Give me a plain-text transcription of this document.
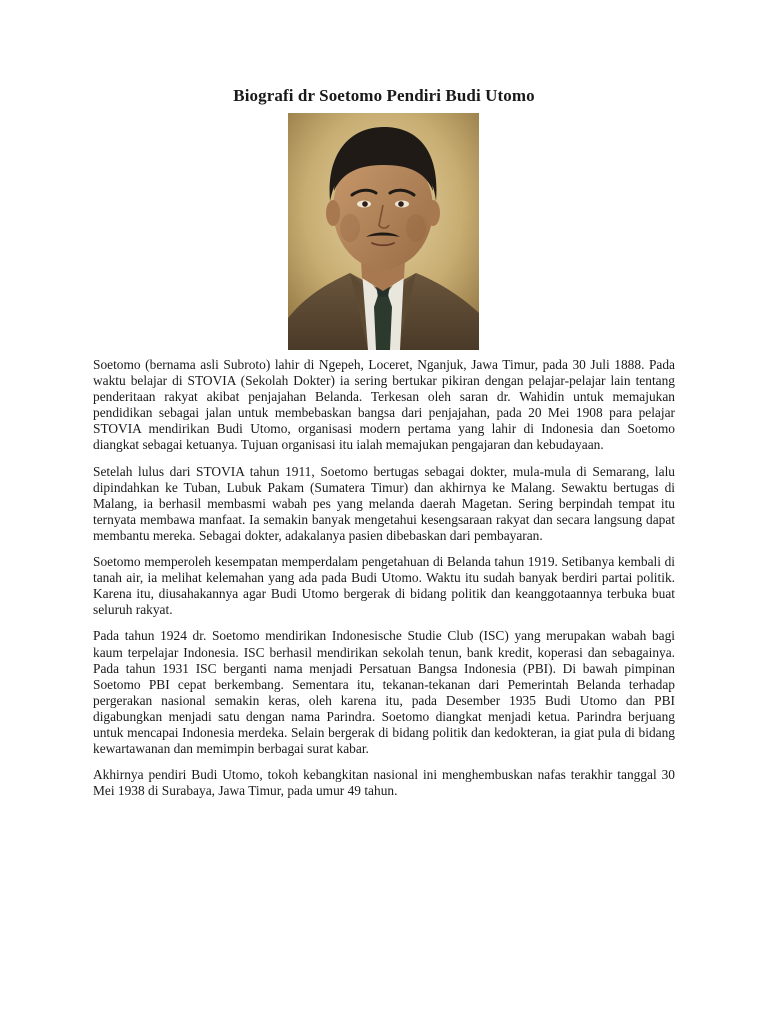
Biografi dr Soetomo Pendiri Budi Utomo

Soetomo (bernama asli Subroto) lahir di Ngepeh, Loceret, Nganjuk, Jawa Timur, pada 30 Juli 1888. Pada waktu belajar di STOVIA (Sekolah Dokter) ia sering bertukar pikiran dengan pelajar-pelajar lain tentang penderitaan rakyat akibat penjajahan Belanda. Terkesan oleh saran dr. Wahidin untuk memajukan pendidikan sebagai jalan untuk membebaskan bangsa dari penjajahan, pada 20 Mei 1908 para pelajar STOVIA mendirikan Budi Utomo, organisasi modern pertama yang lahir di Indonesia dan Soetomo diangkat sebagai ketuanya. Tujuan organisasi itu ialah memajukan pengajaran dan kebudayaan.

Setelah lulus dari STOVIA tahun 1911, Soetomo bertugas sebagai dokter, mula-mula di Semarang, lalu dipindahkan ke Tuban, Lubuk Pakam (Sumatera Timur) dan akhirnya ke Malang. Sewaktu bertugas di Malang, ia berhasil membasmi wabah pes yang melanda daerah Magetan. Sering berpindah tempat itu ternyata membawa manfaat. Ia semakin banyak mengetahui kesengsaraan rakyat dan secara langsung dapat membantu mereka. Sebagai dokter, adakalanya pasien dibebaskan dari pembayaran.

Soetomo memperoleh kesempatan memperdalam pengetahuan di Belanda tahun 1919. Setibanya kembali di tanah air, ia melihat kelemahan yang ada pada Budi Utomo. Waktu itu sudah banyak berdiri partai politik. Karena itu, diusahakannya agar Budi Utomo bergerak di bidang politik dan keanggotaannya terbuka buat seluruh rakyat.

Pada tahun 1924 dr. Soetomo mendirikan Indonesische Studie Club (ISC) yang merupakan wabah bagi kaum terpelajar Indonesia. ISC berhasil mendirikan sekolah tenun, bank kredit, koperasi dan sebagainya. Pada tahun 1931 ISC berganti nama menjadi Persatuan Bangsa Indonesia (PBI). Di bawah pimpinan Soetomo PBI cepat berkembang. Sementara itu, tekanan-tekanan dari Pemerintah Belanda terhadap pergerakan nasional semakin keras, oleh karena itu, pada Desember 1935 Budi Utomo dan PBI digabungkan menjadi satu dengan nama Parindra. Soetomo diangkat menjadi ketua. Parindra berjuang untuk mencapai Indonesia merdeka. Selain bergerak di bidang politik dan kedokteran, ia giat pula di bidang kewartawanan dan memimpin berbagai surat kabar.

Akhirnya pendiri Budi Utomo, tokoh kebangkitan nasional ini menghembuskan nafas terakhir tanggal 30 Mei 1938 di Surabaya, Jawa Timur, pada umur 49 tahun.
